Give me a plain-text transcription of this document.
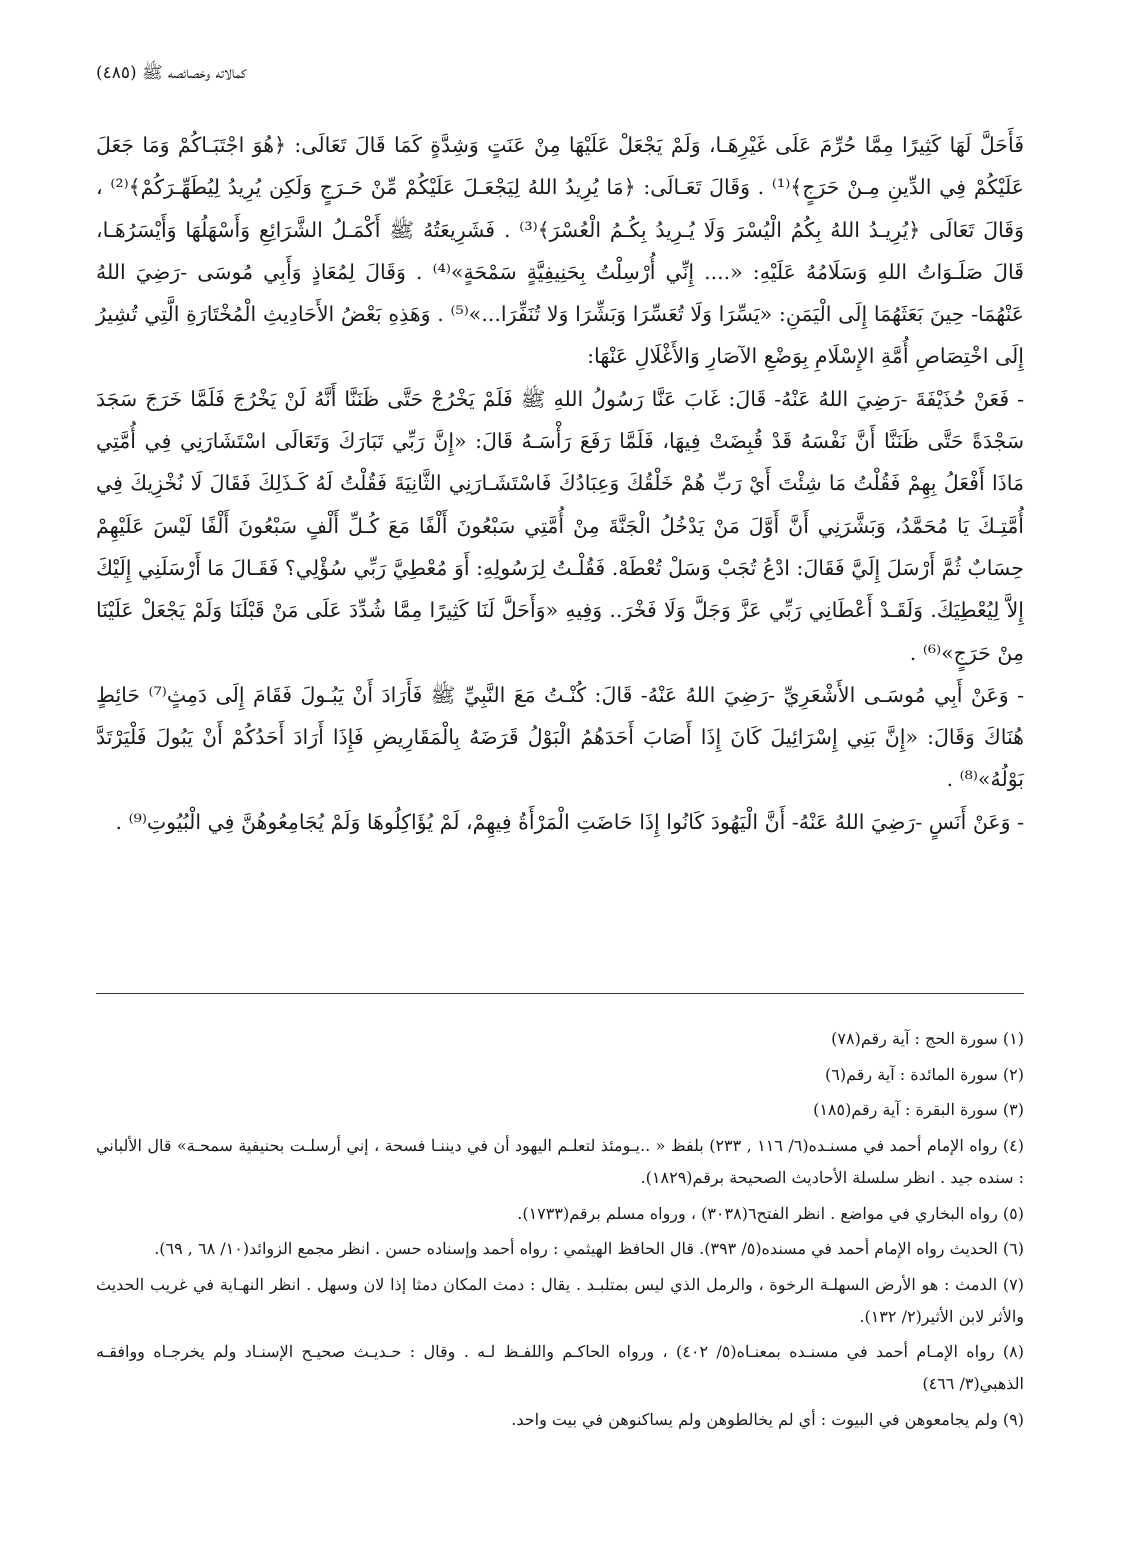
كمالاته وخصائصه ﷺ (٤٨٥)

فَأَحَلَّ لَهَا كَثِيرًا مِمَّا حُرِّمَ عَلَى غَيْرِهَـا، وَلَمْ يَجْعَلْ عَلَيْهَا مِنْ عَنَتٍ وَشِدَّةٍ كَمَا قَالَ تَعَالَى: ﴿هُوَ اجْتَبَـاكُمْ وَمَا جَعَلَ عَلَيْكُمْ فِي الدِّينِ مِـنْ حَرَجٍ﴾⁽¹⁾ . وَقَالَ تَعَـالَى: ﴿مَا يُرِيدُ اللهُ لِيَجْعَـلَ عَلَيْكُمْ مِّنْ حَـرَجٍ وَلَكِن يُرِيدُ لِيُطَهِّـرَكُمْ﴾⁽²⁾ ، وَقَالَ تَعَالَى ﴿يُرِيـدُ اللهُ بِكُمُ الْيُسْرَ وَلَا يُـرِيدُ بِكُـمُ الْعُسْرَ﴾⁽³⁾ . فَشَرِيعَتُهُ ﷺ أَكْمَـلُ الشَّرَائِعِ وَأَسْهَلُهَا وَأَيْسَرُهَـا، قَالَ صَلَـوَاتُ اللهِ وَسَلَامُهُ عَلَيْهِ: «.... إِنِّي أُرْسِلْتُ بِحَنِيفِيَّةٍ سَمْحَةٍ»⁽⁴⁾ . وَقَالَ لِمُعَاذٍ وَأَبِي مُوسَى -رَضِيَ اللهُ عَنْهُمَا- حِينَ بَعَثَهُمَا إِلَى الْيَمَنِ: «يَسِّرَا وَلَا تُعَسِّرَا وَبَشِّرَا وَلا تُنَفِّرَا...»⁽⁵⁾ . وَهَذِهِ بَعْضُ الأَحَادِيثِ الْمُخْتَارَةِ الَّتِي تُشِيرُ إِلَى اخْتِصَاصِ أُمَّةِ الإِسْلَامِ بِوَضْعِ الآصَارِ وَالأَغْلَالِ عَنْهَا:

- فَعَنْ حُذَيْفَةَ -رَضِيَ اللهُ عَنْهُ- قَالَ: غَابَ عَنَّا رَسُولُ اللهِ ﷺ فَلَمْ يَخْرُجْ حَتَّى ظَنَنَّا أَنَّهُ لَنْ يَخْرُجَ فَلَمَّا خَرَجَ سَجَدَ سَجْدَةً حَتَّى ظَنَنَّا أَنَّ نَفْسَهُ قَدْ قُبِضَتْ فِيهَا، فَلَمَّا رَفَعَ رَأْسَـهُ قَالَ: «إِنَّ رَبِّي تَبَارَكَ وَتَعَالَى اسْتَشَارَنِي فِي أُمَّتِي مَاذَا أَفْعَلُ بِهِمْ فَقُلْتُ مَا شِئْتَ أَيْ رَبِّ هُمْ خَلْقُكَ وَعِبَادُكَ فَاسْتَشَـارَنِي الثَّانِيَةَ فَقُلْتُ لَهُ كَـذَلِكَ فَقَالَ لَا نُخْزِيكَ فِي أُمَّتِـكَ يَا مُحَمَّدُ، وَبَشَّرَنِي أَنَّ أَوَّلَ مَنْ يَدْخُلُ الْجَنَّةَ مِنْ أُمَّتِي سَبْعُونَ أَلْفًا مَعَ كُـلِّ أَلْفٍ سَبْعُونَ أَلْفًا لَيْسَ عَلَيْهِمْ حِسَابٌ ثُمَّ أَرْسَلَ إِلَيَّ فَقَالَ: ادْعُ تُجَبْ وَسَلْ تُعْطَهْ. فَقُلْـتُ لِرَسُولِهِ: أَوَ مُعْطِيَّ رَبِّي سُؤْلِي؟ فَقَـالَ مَا أَرْسَلَنِي إِلَيْكَ إِلاَّ لِيُعْطِيَكَ. وَلَقَـدْ أَعْطَانِي رَبِّي عَزَّ وَجَلَّ وَلَا فَخْرَ.. وَفِيهِ «وَأَحَلَّ لَنَا كَثِيرًا مِمَّا شُدِّدَ عَلَى مَنْ قَبْلَنَا وَلَمْ يَجْعَلْ عَلَيْنَا مِنْ حَرَجٍ»⁽⁶⁾ .

- وَعَنْ أَبِي مُوسَـى الأَشْعَرِيِّ -رَضِيَ اللهُ عَنْهُ- قَالَ: كُنْـتُ مَعَ النَّبِيِّ ﷺ فَأَرَادَ أَنْ يَبُـولَ فَقَامَ إِلَى دَمِثٍ⁽⁷⁾ حَائِطٍ هُنَاكَ وَقَالَ: «إِنَّ بَنِي إِسْرَائِيلَ كَانَ إِذَا أَصَابَ أَحَدَهُمُ الْبَوْلُ قَرَضَهُ بِالْمَقَارِيضِ فَإِذَا أَرَادَ أَحَدُكُمْ أَنْ يَبُولَ فَلْيَرْتَدَّ بَوْلُهُ»⁽⁸⁾ .

- وَعَنْ أَنَسٍ -رَضِيَ اللهُ عَنْهُ- أَنَّ الْيَهُودَ كَانُوا إِذَا حَاضَتِ الْمَرْأَةُ فِيهِمْ، لَمْ يُؤَاكِلُوهَا وَلَمْ يُجَامِعُوهُنَّ فِي الْبُيُوتِ⁽⁹⁾ .

(١) سورة الحج : آية رقم(٧٨)

(٢) سورة المائدة : آية رقم(٦)

(٣) سورة البقرة : آية رقم(١٨٥)

(٤) رواه الإمام أحمد في مسنـده(٦/ ١١٦ , ٢٣٣) بلفظ « ..يـومئذ لتعلـم اليهود أن في ديننـا فسحة ، إني أرسلـت بحنيفية سمحـة» قال الألباني : سنده جيد . انظر سلسلة الأحاديث الصحيحة برقم(١٨٢٩).

(٥) رواه البخاري في مواضع . انظر الفتح٦(٣٠٣٨) ، ورواه مسلم برقم(١٧٣٣).

(٦) الحديث رواه الإمام أحمد في مسنده(٥/ ٣٩٣). قال الحافظ الهيثمي : رواه أحمد وإسناده حسن . انظر مجمع الزوائد(١٠/ ٦٨ , ٦٩).

(٧) الدمث : هو الأرض السهلـة الرخوة ، والرمل الذي ليس بمتلبـد . يقال : دمث المكان دمثا إذا لان وسهل . انظر النهـاية في غريب الحديث والأثر لابن الأثير(٢/ ١٣٢).

(٨) رواه الإمـام أحمد في مسنـده بمعنـاه(٥/ ٤٠٢) ، ورواه الحاكـم واللفـظ لـه . وقال : حـديـث صحيـح الإسنـاد ولم يخرجـاه ووافقـه الذهبي(٣/ ٤٦٦)

(٩) ولم يجامعوهن في البيوت : أي لم يخالطوهن ولم يساكنوهن في بيت واحد.
